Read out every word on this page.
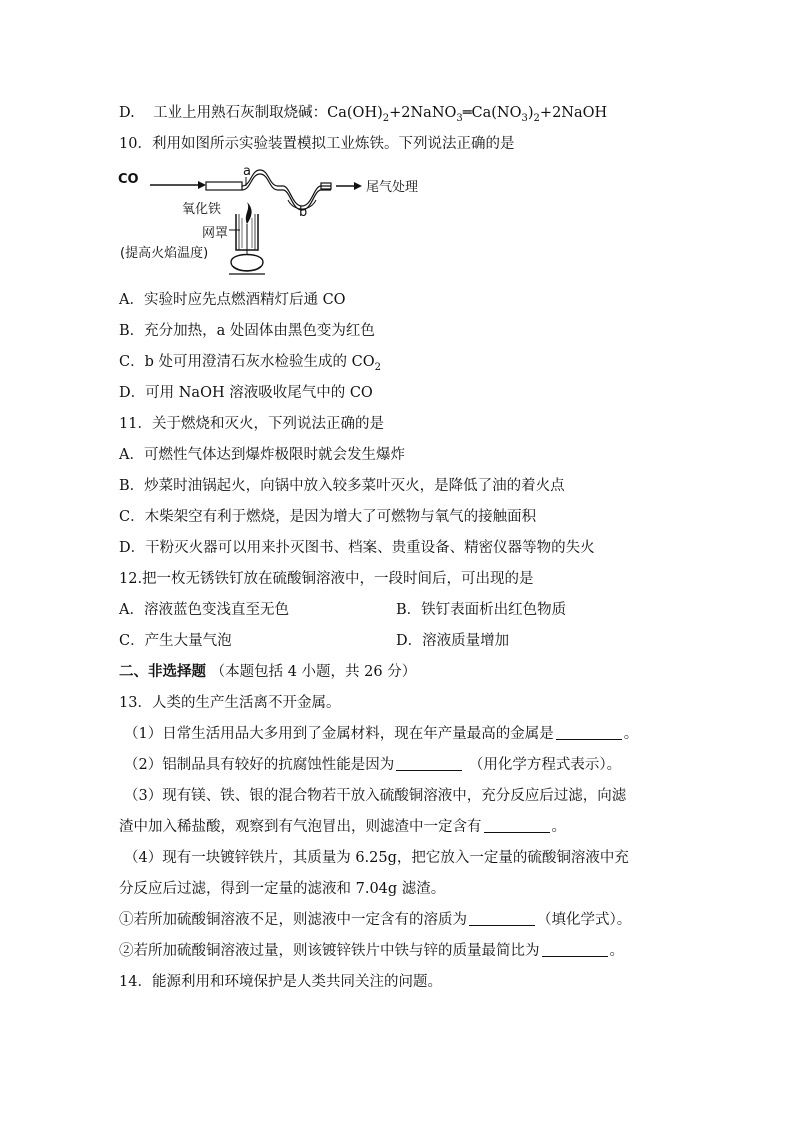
D. 工业上用熟石灰制取烧碱：$Ca(OH)_2+2NaNO_3═Ca(NO_3)_2+2NaOH$
10．利用如图所示实验装置模拟工业炼铁。下列说法正确的是
CO
a
b
尾气处理
氧化铁
网罩
(提高火焰温度)
A．实验时应先点燃酒精灯后通 CO
B．充分加热，a 处固体由黑色变为红色
C．b 处可用澄清石灰水检验生成的 $CO_2$
D．可用 NaOH 溶液吸收尾气中的 CO
11．关于燃烧和灭火，下列说法正确的是
A．可燃性气体达到爆炸极限时就会发生爆炸
B．炒菜时油锅起火，向锅中放入较多菜叶灭火，是降低了油的着火点
C．木柴架空有利于燃烧，是因为增大了可燃物与氧气的接触面积
D．干粉灭火器可以用来扑灭图书、档案、贵重设备、精密仪器等物的失火
12.把一枚无锈铁钉放在硫酸铜溶液中，一段时间后，可出现的是
A．溶液蓝色变浅直至无色	B．铁钉表面析出红色物质
C．产生大量气泡	D．溶液质量增加
二、非选择题 （本题包括 4 小题，共 26 分）
13．人类的生产生活离不开金属。
（1）日常生活用品大多用到了金属材料，现在年产量最高的金属是	。
（2）铝制品具有较好的抗腐蚀性能是因为	（用化学方程式表示）。
（3）现有镁、铁、银的混合物若干放入硫酸铜溶液中，充分反应后过滤，向滤
渣中加入稀盐酸，观察到有气泡冒出，则滤渣中一定含有	。
（4）现有一块镀锌铁片，其质量为 6.25g，把它放入一定量的硫酸铜溶液中充
分反应后过滤，得到一定量的滤液和 7.04g 滤渣。
①若所加硫酸铜溶液不足，则滤液中一定含有的溶质为	（填化学式）。
②若所加硫酸铜溶液过量，则该镀锌铁片中铁与锌的质量最简比为	。
14．能源利用和环境保护是人类共同关注的问题。
